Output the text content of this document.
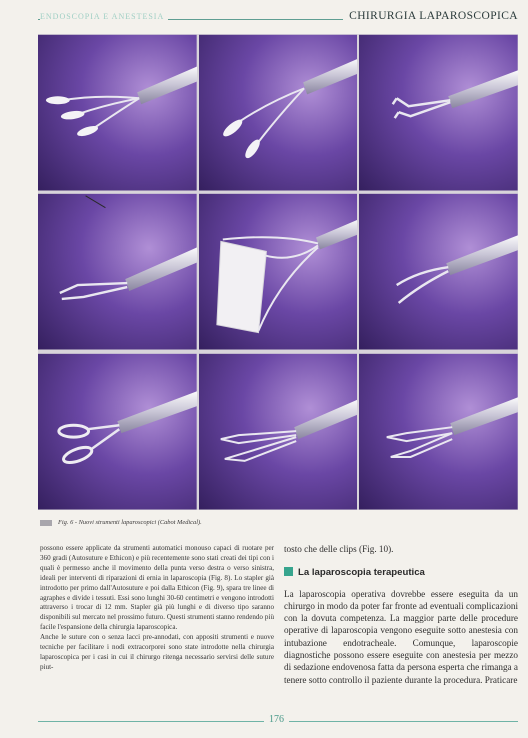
ENDOSCOPIA E ANESTESIA	CHIRURGIA LAPAROSCOPICA
Fig. 6 - Nuovi strumenti laparoscopici (Cabot Medical).

possono essere applicate da strumenti automatici monouso capaci di ruotare per 360 gradi (Autosuture e Ethicon) e più recentemente sono stati creati dei tipi con i quali è permesso anche il movimento della punta verso destra o verso sinistra, ideali per interventi di riparazioni di ernia in laparoscopia (Fig. 8). Lo stapler già introdotto per primo dall'Autosuture e poi dalla Ethicon (Fig. 9), spara tre linee di agraphes e divide i tessuti. Essi sono lunghi 30-60 centimetri e vengono introdotti attraverso i trocar di 12 mm. Stapler già più lunghi e di diverso tipo saranno disponibili sul mercato nel prossimo futuro. Questi strumenti stanno rendendo più facile l'espansione della chirurgia laparoscopica.

Anche le suture con o senza lacci pre-annodati, con appositi strumenti e nuove tecniche per facilitare i nodi extracorporei sono state introdotte nella chirurgia laparoscopica per i casi in cui il chirurgo ritenga necessario servirsi delle suture piut-

tosto che delle clips (Fig. 10).

La laparoscopia terapeutica

La laparoscopia operativa dovrebbe essere eseguita da un chirurgo in modo da poter far fronte ad eventuali complicazioni con la dovuta competenza. La maggior parte delle procedure operative di laparoscopia vengono eseguite sotto anestesia con intubazione endotracheale. Comunque, laparoscopie diagnostiche possono essere eseguite con anestesia per mezzo di sedazione endovenosa fatta da persona esperta che rimanga a tenere sotto controllo il paziente durante la procedura. Praticare

176
